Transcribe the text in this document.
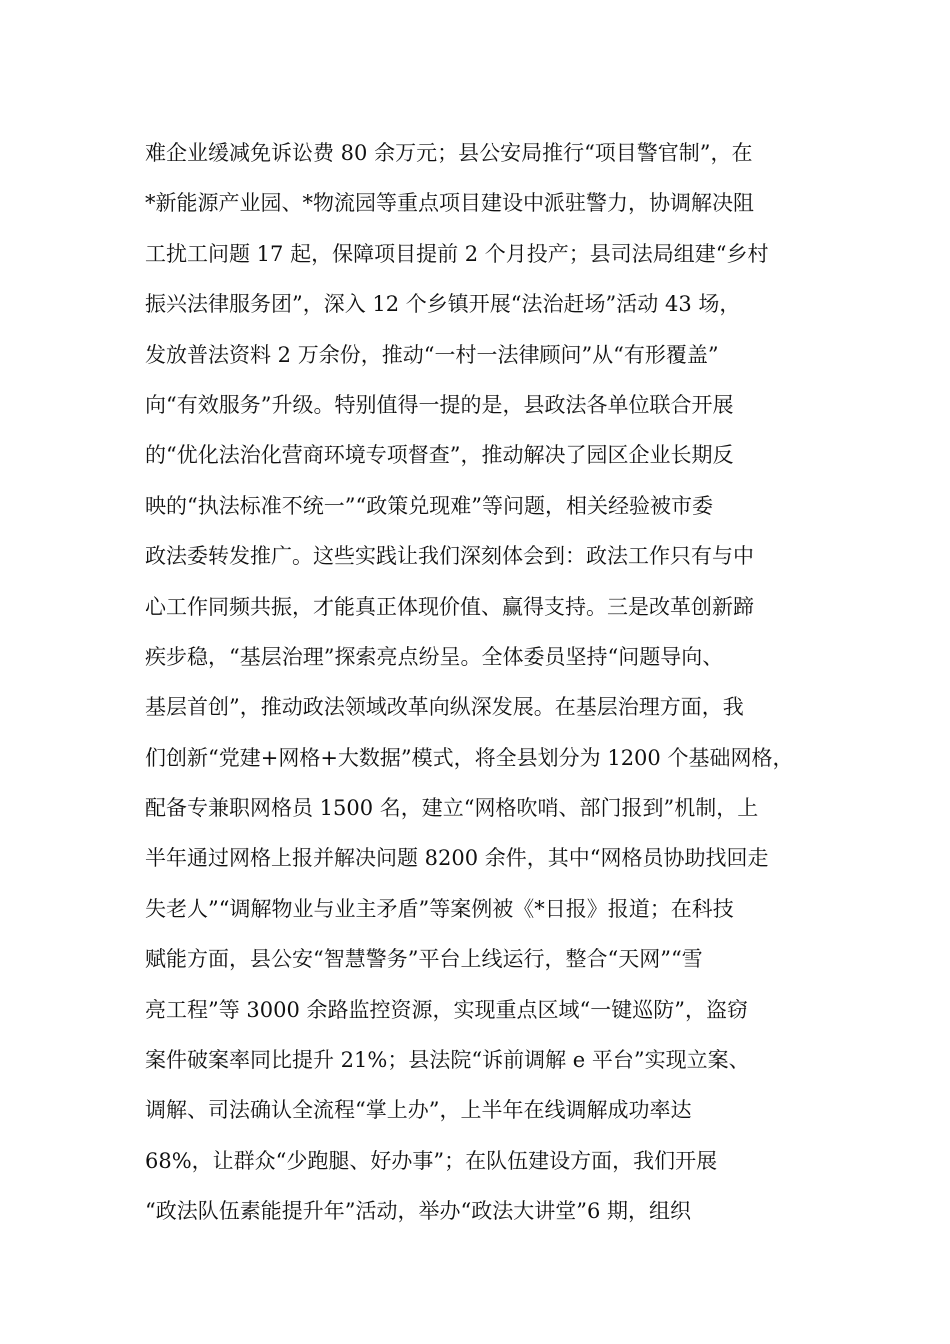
难企业缓减免诉讼费 80 余万元；县公安局推行“项目警官制”，在
*新能源产业园、*物流园等重点项目建设中派驻警力，协调解决阻
工扰工问题 17 起，保障项目提前 2 个月投产；县司法局组建“乡村
振兴法律服务团”，深入 12 个乡镇开展“法治赶场”活动 43 场，
发放普法资料 2 万余份，推动“一村一法律顾问”从“有形覆盖”
向“有效服务”升级。特别值得一提的是，县政法各单位联合开展
的“优化法治化营商环境专项督查”，推动解决了园区企业长期反
映的“执法标准不统一”“政策兑现难”等问题，相关经验被市委
政法委转发推广。这些实践让我们深刻体会到：政法工作只有与中
心工作同频共振，才能真正体现价值、赢得支持。三是改革创新蹄
疾步稳，“基层治理”探索亮点纷呈。全体委员坚持“问题导向、
基层首创”，推动政法领域改革向纵深发展。在基层治理方面，我
们创新“党建+网格+大数据”模式，将全县划分为 1200 个基础网格，
配备专兼职网格员 1500 名，建立“网格吹哨、部门报到”机制，上
半年通过网格上报并解决问题 8200 余件，其中“网格员协助找回走
失老人”“调解物业与业主矛盾”等案例被《*日报》报道；在科技
赋能方面，县公安“智慧警务”平台上线运行，整合“天网”“雪
亮工程”等 3000 余路监控资源，实现重点区域“一键巡防”，盗窃
案件破案率同比提升 21%；县法院“诉前调解 e 平台”实现立案、
调解、司法确认全流程“掌上办”，上半年在线调解成功率达
68%，让群众“少跑腿、好办事”；在队伍建设方面，我们开展
“政法队伍素能提升年”活动，举办“政法大讲堂”6 期，组织
